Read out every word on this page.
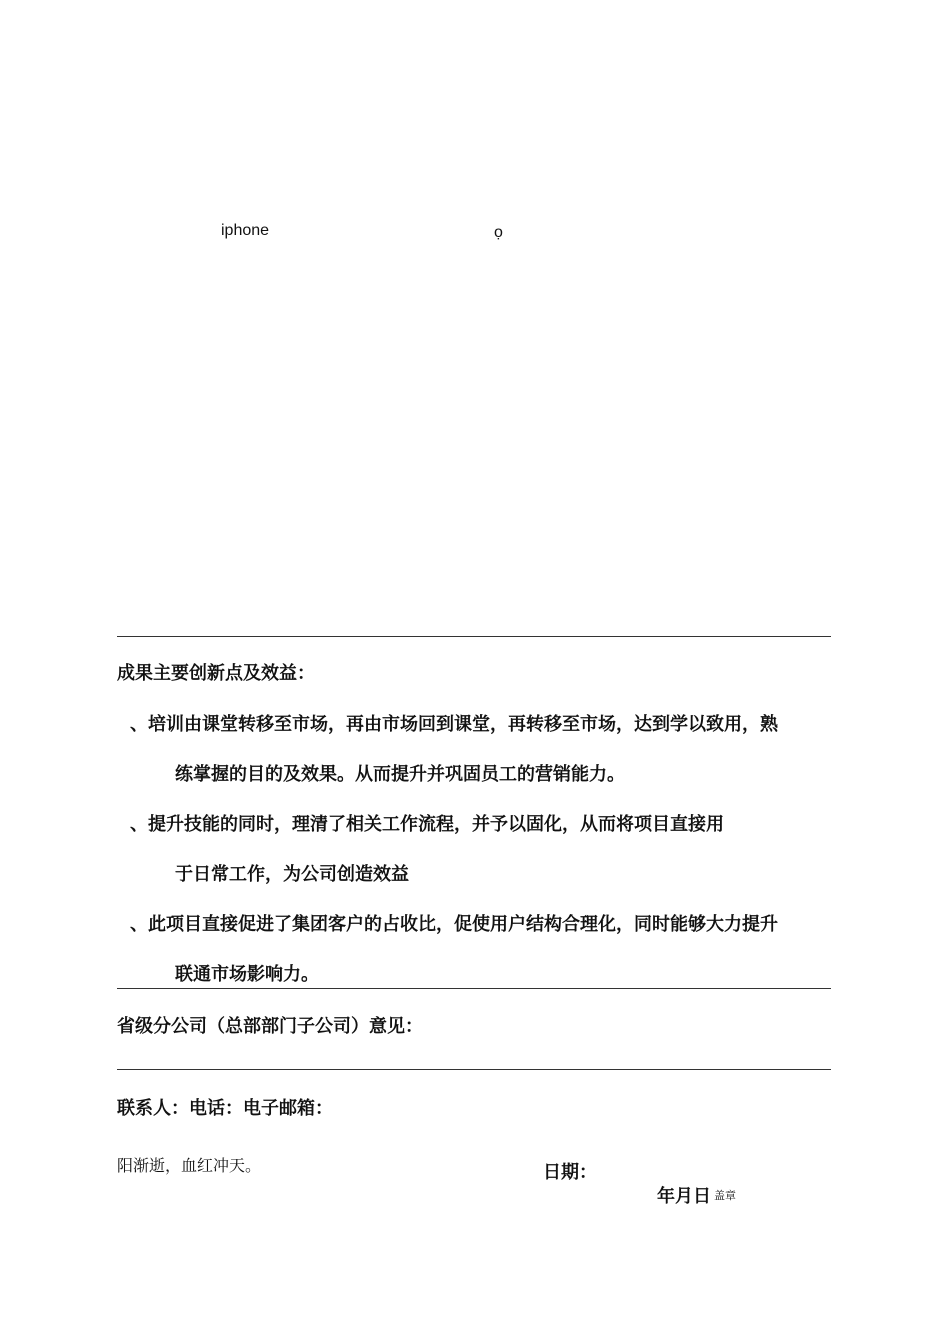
iphone	ọ
成果主要创新点及效益：
、培训由课堂转移至市场，再由市场回到课堂，再转移至市场，达到学以致用，熟
练掌握的目的及效果。从而提升并巩固员工的营销能力。
、提升技能的同时，理清了相关工作流程，并予以固化，从而将项目直接用
于日常工作，为公司创造效益
、此项目直接促进了集团客户的占收比，促使用户结构合理化，同时能够大力提升
联通市场影响力。
省级分公司（总部部门子公司）意见：
联系人：电话：电子邮箱：
阳渐逝，血红冲天。	日期：
年月日 盖章
